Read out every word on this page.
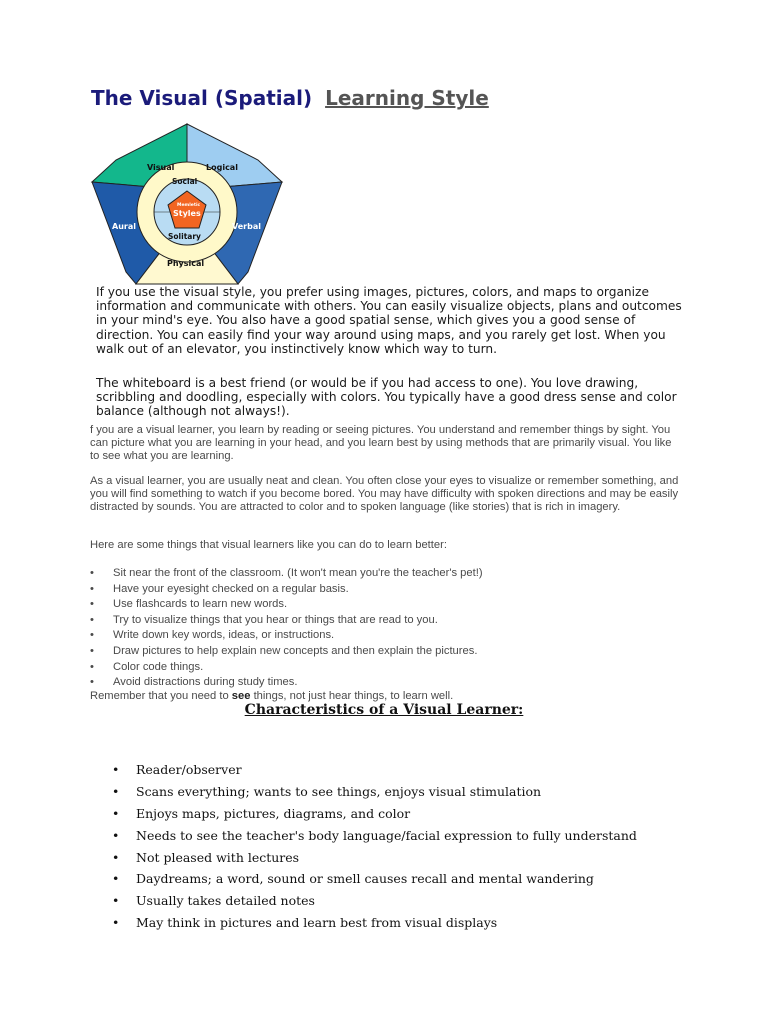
The Visual (Spatial) Learning Style
Visual	Logical
Aural	Verbal
Physical
Social
Solitary
Memletic
Styles

If you use the visual style, you prefer using images, pictures, colors, and maps to organize information and communicate with others. You can easily visualize objects, plans and outcomes in your mind's eye. You also have a good spatial sense, which gives you a good sense of direction. You can easily find your way around using maps, and you rarely get lost. When you walk out of an elevator, you instinctively know which way to turn.

The whiteboard is a best friend (or would be if you had access to one). You love drawing, scribbling and doodling, especially with colors. You typically have a good dress sense and color balance (although not always!).

f you are a visual learner, you learn by reading or seeing pictures. You understand and remember things by sight. You can picture what you are learning in your head, and you learn best by using methods that are primarily visual. You like to see what you are learning.

As a visual learner, you are usually neat and clean. You often close your eyes to visualize or remember something, and you will find something to watch if you become bored. You may have difficulty with spoken directions and may be easily distracted by sounds. You are attracted to color and to spoken language (like stories) that is rich in imagery.

Here are some things that visual learners like you can do to learn better:

• Sit near the front of the classroom. (It won't mean you're the teacher's pet!)
• Have your eyesight checked on a regular basis.
• Use flashcards to learn new words.
• Try to visualize things that you hear or things that are read to you.
• Write down key words, ideas, or instructions.
• Draw pictures to help explain new concepts and then explain the pictures.
• Color code things.
• Avoid distractions during study times.
Remember that you need to see things, not just hear things, to learn well.
Characteristics of a Visual Learner:
• Reader/observer
• Scans everything; wants to see things, enjoys visual stimulation
• Enjoys maps, pictures, diagrams, and color
• Needs to see the teacher's body language/facial expression to fully understand
• Not pleased with lectures
• Daydreams; a word, sound or smell causes recall and mental wandering
• Usually takes detailed notes
• May think in pictures and learn best from visual displays
